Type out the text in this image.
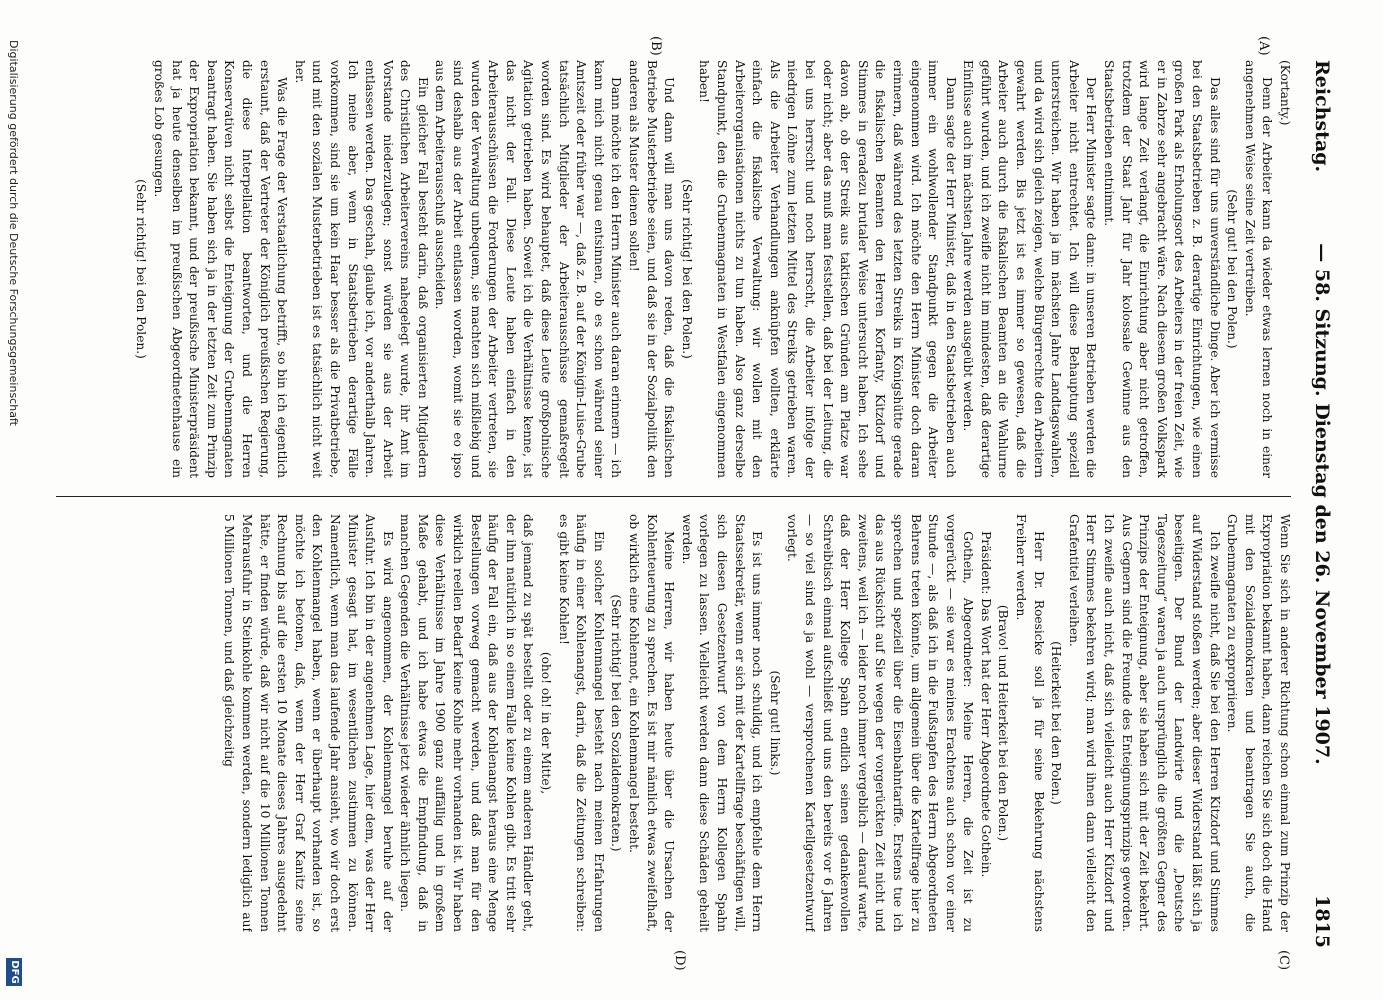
Reichstag.
— 58. Sitzung. Dienstag den 26. November 1907.
1815
(A)
(B)
(C)
(D)

(Kortanty.)

Denn der Arbeiter kann da wieder etwas lernen noch in einer angenehmen Weise seine Zeit vertreiben.

(Sehr gut! bei den Polen.)

Das alles sind für uns unverständliche Dinge. Aber ich vermisse bei den Staatsbetrieben z. B. derartige Einrichtungen, wie einen großen Park als Erholungsort des Arbeiters in der freien Zeit, wie er in Zabrze sehr angebracht wäre. Nach diesem großen Volkspark wird lange Zeit verlangt, die Einrichtung aber nicht getroffen, trotzdem der Staat Jahr für Jahr kolossale Gewinne aus den Staatsbetrieben entnimmt.

Der Herr Minister sagte dann: in unseren Betrieben werden die Arbeiter nicht entrechtet. Ich will diese Behauptung speziell unterstreichen. Wir haben ja im nächsten Jahre Landtagswahlen, und da wird sich gleich zeigen, welche Bürgerrechte den Arbeitern gewahrt werden. Bis jetzt ist es immer so gewesen, daß die Arbeiter auch durch die fiskalischen Beamten an die Wahlurne geführt wurden, und ich zweifle nicht im mindesten, daß derartige Einflüsse auch im nächsten Jahre werden ausgeübt werden.

Dann sagte der Herr Minister, daß in den Staatsbetrieben auch immer ein wohlwollender Standpunkt gegen die Arbeiter eingenommen wird. Ich möchte den Herrn Minister doch daran erinnern, daß während des letzten Streiks in Königshütte gerade die fiskalischen Beamten den Herren Korfanty, Kitzdorf und Stimmes in geradezu brutaler Weise untersucht haben. Ich sehe davon ab, ob der Streik aus taktischen Gründen am Platze war oder nicht; aber das muß man feststellen, daß bei der Leitung, die bei uns herrscht und noch herrscht, die Arbeiter infolge der niedrigen Löhne zum letzten Mittel des Streiks getrieben waren. Als die Arbeiter Verhandlungen anknüpfen wollten, erklärte einfach die fiskalische Verwaltung: wir wollen mit den Arbeiterorganisationen nichts zu tun haben. Also ganz derselbe Standpunkt, den die Grubenmagnaten in Westfalen eingenommen haben!

(Sehr richtig! bei den Polen.)

Und dann will man uns davon reden, daß die fiskalischen Betriebe Musterbetriebe seien, und daß sie in der Sozialpolitik den anderen als Muster dienen sollen!

Dann möchte ich den Herrn Minister auch daran erinnern — ich kann mich nicht genau entsinnen, ob es schon während seiner Amtszeit oder früher war —, daß z. B. auf der Königin-Luise-Grube tatsächlich Mitglieder der Arbeiterausschüsse gemaßregelt worden sind. Es wird behauptet, daß diese Leute großpolnische Agitation getrieben haben. Soweit ich die Verhältnisse kenne, ist das nicht der Fall. Diese Leute haben einfach in den Arbeiterausschüssen die Forderungen der Arbeiter vertreten, sie wurden der Verwaltung unbequem, sie machten sich mißliebig und sind deshalb aus der Arbeit entlassen worden, womit sie eo ipso aus dem Arbeiterausschuß ausscheiden.

Ein gleicher Fall besteht darin, daß organisierten Mitgliedern des Christlichen Arbeitervereins nahegelegt wurde, ihr Amt im Vorstande niederzulegen; sonst würden sie aus der Arbeit entlassen werden. Das geschah, glaube ich, vor anderthalb Jahren. Ich meine aber, wenn in Staatsbetrieben derartige Fälle vorkommen, sind sie um kein Haar besser als die Privatbetriebe, und mit den sozialen Musterbetrieben ist es tatsächlich nicht weit her.

Was die Frage der Verstaatlichung betrifft, so bin ich eigentlich erstaunt, daß der Vertreter der Königlich preußischen Regierung, die diese Interpellation beantworten, und die Herren Konservativen nicht selbst die Enteignung der Grubenmagnaten beantragt haben. Sie haben sich ja in der letzten Zeit zum Prinzip der Expropriation bekannt, und der preußische Ministerpräsident hat ja heute denselben im preußischen Abgeordnetenhause ein großes Lob gesungen.

(Sehr richtig! bei den Polen.)

Wenn Sie sich in anderer Richtung schon einmal zum Prinzip der Expropriation bekannt haben, dann reichen Sie sich doch die Hand mit den Sozialdemokraten und beantragen Sie auch, die Grubenmagnaten zu expropriieren.

Ich zweifle nicht, daß Sie bei den Herren Kitzdorf und Stimmes auf Widerstand stoßen werden; aber dieser Widerstand läßt sich ja beseitigen. Der Bund der Landwirte und die „Deutsche Tageszeitung“ waren ja auch ursprünglich die größten Gegner des Prinzips der Enteignung, aber sie haben sich mit der Zeit bekehrt. Aus Gegnern sind die Freunde des Enteignungsprinzips geworden. Ich zweifle auch nicht, daß sich vielleicht auch Herr Kitzdorf und Herr Stimmes bekehren wird; man wird ihnen dann vielleicht den Grafentitel verleihen.

(Heiterkeit bei den Polen.)

Herr Dr. Roesicke soll ja für seine Bekehrung nächstens Freiherr werden.

(Bravo! und Heiterkeit bei den Polen.)

Präsident: Das Wort hat der Herr Abgeordnete Gothein.

Gothein, Abgeordneter: Meine Herren, die Zeit ist zu vorgerückt — sie war es meines Erachtens auch schon vor einer Stunde —, als daß ich in die Fußstapfen des Herrn Abgeordneten Behrens treten könnte, um allgemein über die Kartellfrage hier zu sprechen und speziell über die Eisenbahntariffe. Erstens tue ich das aus Rücksicht auf Sie wegen der vorgerückten Zeit nicht und zweitens, weil ich — leider noch immer vergeblich — darauf warte, daß der Herr Kollege Spahn endlich seinen gedankenvollen Schreibtisch einmal aufschließt und uns den bereits vor 6 Jahren — so viel sind es ja wohl — versprochenen Kartellgesetzentwurf vorlegt.

(Sehr gut! links.)

Es ist uns immer noch schuldig, und ich empfehle dem Herrn Staatssekretär, wenn er sich mit der Kartellfrage beschäftigen will, sich diesen Gesetzentwurf von dem Herrn Kollegen Spahn vorlegen zu lassen. Vielleicht werden dann diese Schäden geheilt werden.

Meine Herren, wir haben heute über die Ursachen der Kohlenteuerung zu sprechen. Es ist mir nämlich etwas zweifelhaft, ob wirklich eine Kohlennot, ein Kohlenmangel besteht.

(Sehr richtig! bei den Sozialdemokraten.)

Ein solcher Kohlenmangel besteht nach meinen Erfahrungen häufig in einer Kohlenangst, darin, daß die Zeitungen schreiben: es gibt keine Kohlen!

(oho! oh! in der Mitte),

daß jemand zu spät bestellt oder zu einem anderen Händler geht, der ihm natürlich in so einem Falle keine Kohlen gibt. Es tritt sehr häufig der Fall ein, daß aus der Kohlenangst heraus eine Menge Bestellungen vorweg gemacht werden, und daß man für den wirklich reellen Bedarf keine Kohle mehr vorhanden ist. Wir haben diese Verhältnisse im Jahre 1900 ganz auffällig und in großem Maße gehabt, und ich habe etwas die Empfindung, daß in manchen Gegenden die Verhältnisse jetzt wieder ähnlich liegen.

Es wird angenommen, der Kohlenmangel beruhe auf der Ausfuhr. Ich bin in der angenehmen Lage, hier dem, was der Herr Minister gesagt hat, im wesentlichen zustimmen zu können. Namentlich, wenn man das laufende Jahr ansieht, wo wir doch erst den Kohlenmangel haben, wenn er überhaupt vorhanden ist, so möchte ich betonen, daß, wenn der Herr Graf Kanitz seine Rechnung bis auf die ersten 10 Monate dieses Jahres ausgedehnt hätte, er finden würde, daß wir nicht auf die 10 Millionen Tonnen Mehrausfuhr in Steinkohle kommen werden, sondern lediglich auf 5 Millionen Tonnen, und daß gleichzeitig

Digitalisierung gefördert durch die Deutsche Forschungsgemeinschaft
DFG
